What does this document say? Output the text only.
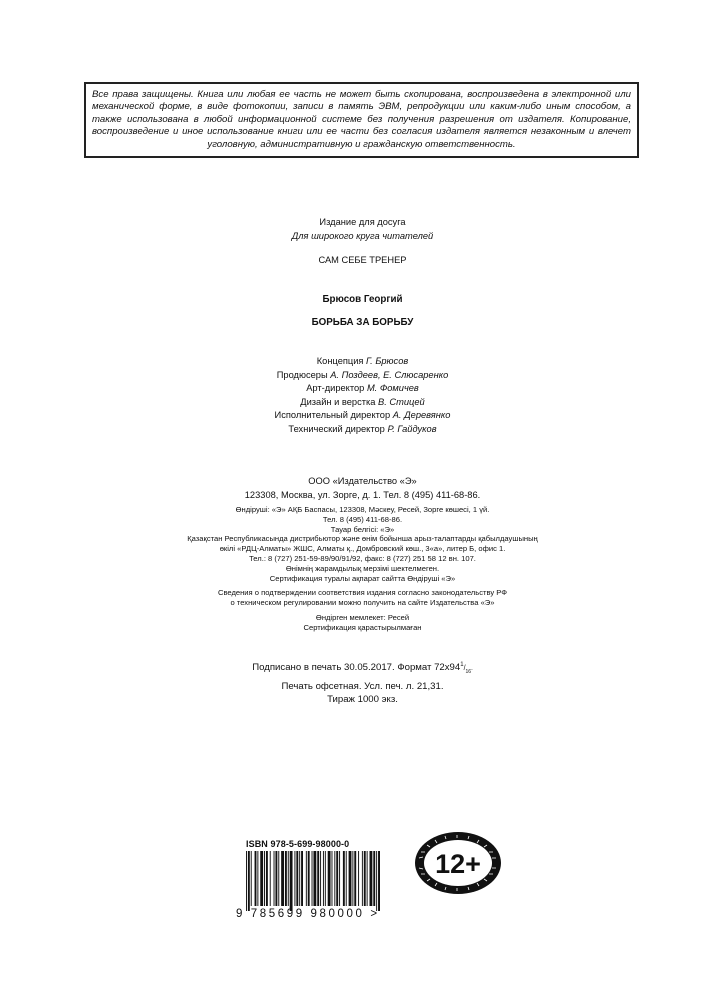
Все права защищены. Книга или любая ее часть не может быть скопирована, воспроизведена в электронной или механической форме, в виде фотокопии, записи в память ЭВМ, репродукции или каким-либо иным способом, а также использована в любой информационной системе без получения разрешения от издателя. Копирование, воспроизведение и иное использование книги или ее части без согласия издателя является незаконным и влечет уголовную, административную и гражданскую ответственность.
Издание для досуга
Для широкого круга читателей
САМ СЕБЕ ТРЕНЕР
Брюсов Георгий
БОРЬБА ЗА БОРЬБУ
Концепция Г. Брюсов
Продюсеры А. Поздеев, Е. Слюсаренко
Арт-директор М. Фомичев
Дизайн и верстка В. Стицей
Исполнительный директор А. Деревянко
Технический директор Р. Гайдуков
ООО «Издательство «Э»
123308, Москва, ул. Зорге, д. 1. Тел. 8 (495) 411-68-86.
Өндіруші: «Э» АҚБ Баспасы, 123308, Мәскеу, Ресей, Зорге көшесі, 1 үй.
Тел. 8 (495) 411-68-86.
Тауар белгісі: «Э»
Қазақстан Республикасында дистрибьютор және өнім бойынша арыз-талаптарды қабылдаушының
өкілі «РДЦ-Алматы» ЖШС, Алматы қ., Домбровский көш., 3«а», литер Б, офис 1.
Тел.: 8 (727) 251-59-89/90/91/92, факс: 8 (727) 251 58 12 вн. 107.
Өнімнің жарамдылық мерзімі шектелмеген.
Сертификация туралы ақпарат сайтта Өндіруші «Э»
Сведения о подтверждении соответствия издания согласно законодательству РФ
о техническом регулировании можно получить на сайте Издательства «Э»
Өндірген мемлекет: Ресей
Сертификация қарастырылмаған
Подписано в печать 30.05.2017. Формат $72x94^1/_{16}$.
Печать офсетная. Усл. печ. л. 21,31.
Тираж 1000 экз.
ISBN 978-5-699-98000-0
9 785699 980000 >
12+
